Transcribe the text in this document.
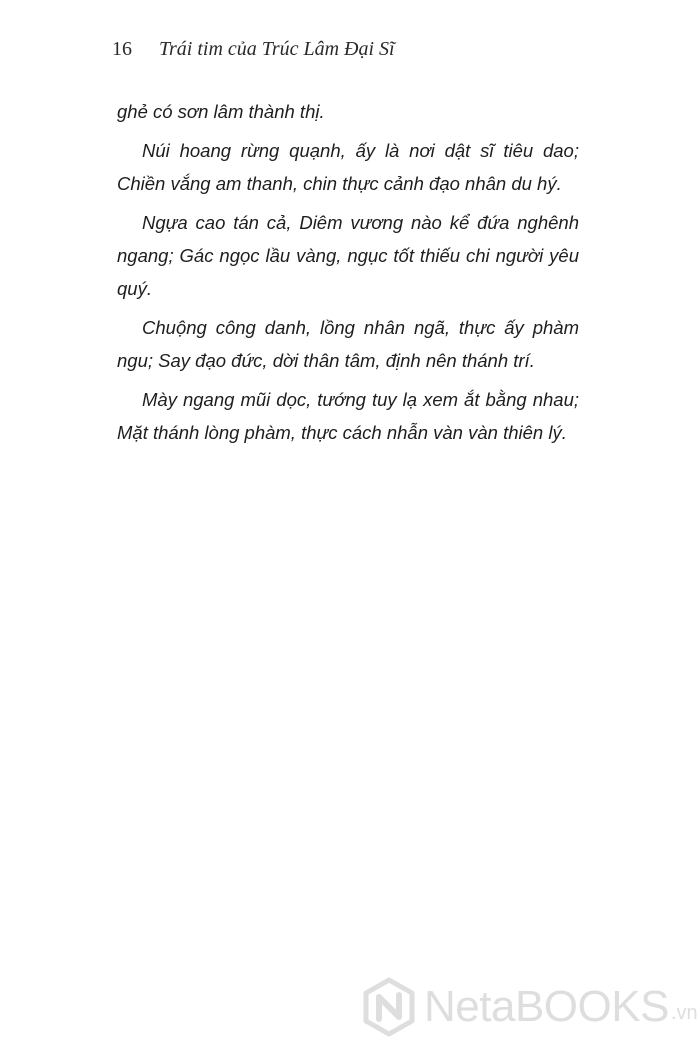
16 Trái tim của Trúc Lâm Đại Sĩ

ghẻ có sơn lâm thành thị.

Núi hoang rừng quạnh, ấy là nơi dật sĩ tiêu dao; Chiền vắng am thanh, chin thực cảnh đạo nhân du hý.

Ngựa cao tán cả, Diêm vương nào kể đứa nghênh ngang; Gác ngọc lầu vàng, ngục tốt thiếu chi người yêu quý.

Chuộng công danh, lồng nhân ngã, thực ấy phàm ngu; Say đạo đức, dời thân tâm, định nên thánh trí.

Mày ngang mũi dọc, tướng tuy lạ xem ắt bằng nhau; Mặt thánh lòng phàm, thực cách nhẫn vàn vàn thiên lý.

NetaBOOKS .vn
